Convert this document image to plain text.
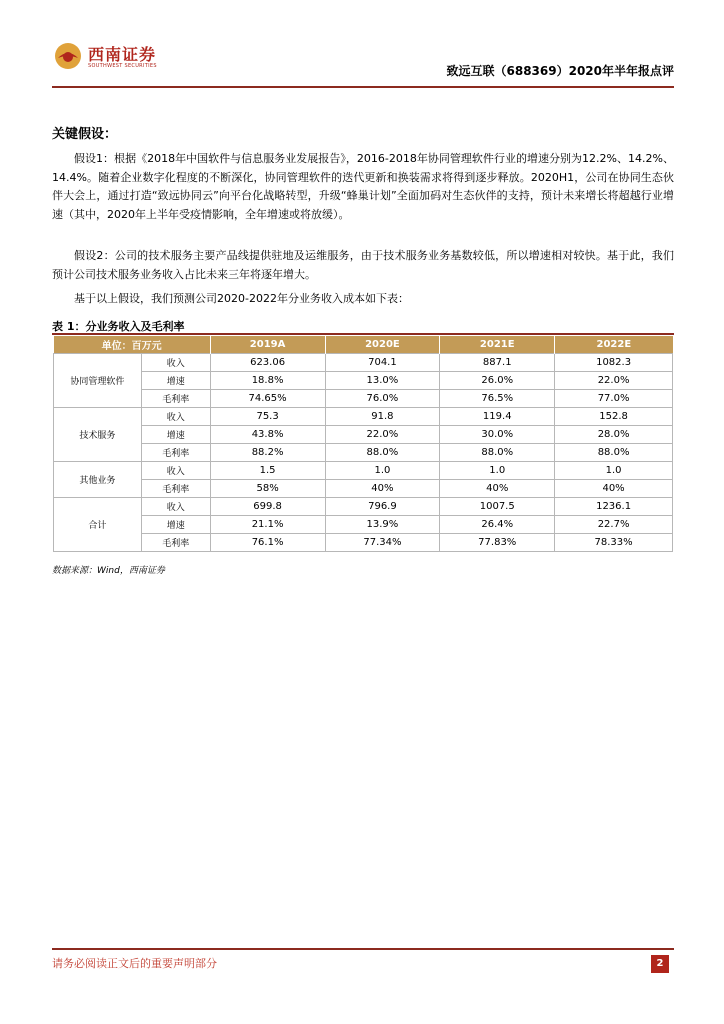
西南证券
SOUTHWEST SECURITIES	致远互联（688369）2020年半年报点评
关键假设：
假设1：根据《2018年中国软件与信息服务业发展报告》，2016-2018年协同管理软件行业的增速分别为12.2%、14.2%、14.4%。随着企业数字化程度的不断深化，协同管理软件的迭代更新和换装需求将得到逐步释放。2020H1，公司在协同生态伙伴大会上，通过打造“致远协同云”向平台化战略转型，升级“蜂巢计划”全面加码对生态伙伴的支持，预计未来增长将超越行业增速（其中，2020年上半年受疫情影响，全年增速或将放缓）。
假设2：公司的技术服务主要产品线提供驻地及运维服务，由于技术服务业务基数较低，所以增速相对较快。基于此，我们预计公司技术服务业务收入占比未来三年将逐年增大。
基于以上假设，我们预测公司2020-2022年分业务收入成本如下表：
表 1：分业务收入及毛利率
单位：百万元		2019A	2020E	2021E	2022E
协同管理软件	收入	623.06	704.1	887.1	1082.3
	增速	18.8%	13.0%	26.0%	22.0%
	毛利率	74.65%	76.0%	76.5%	77.0%
技术服务	收入	75.3	91.8	119.4	152.8
	增速	43.8%	22.0%	30.0%	28.0%
	毛利率	88.2%	88.0%	88.0%	88.0%
其他业务	收入	1.5	1.0	1.0	1.0
	毛利率	58%	40%	40%	40%
合计	收入	699.8	796.9	1007.5	1236.1
	增速	21.1%	13.9%	26.4%	22.7%
	毛利率	76.1%	77.34%	77.83%	78.33%
数据来源：Wind，西南证券
请务必阅读正文后的重要声明部分	2
